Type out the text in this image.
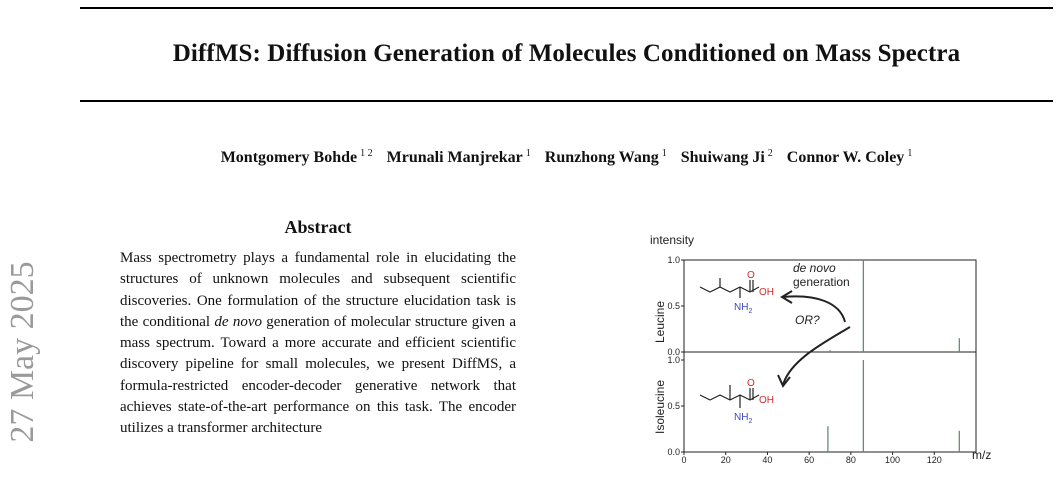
DiffMS: Diffusion Generation of Molecules Conditioned on Mass Spectra
Montgomery Bohde $^{1 2}$ Mrunali Manjrekar $^1$ Runzhong Wang $^1$ Shuiwang Ji $^2$ Connor W. Coley $^1$
27 May 2025
Abstract
Mass spectrometry plays a fundamental role in elucidating the structures of unknown molecules and subsequent scientific discoveries. One formulation of the structure elucidation task is the conditional de novo generation of molecular structure given a mass spectrum. Toward a more accurate and efficient scientific discovery pipeline for small molecules, we present DiffMS, a formula-restricted encoder-decoder generative network that achieves state-of-the-art performance on this task. The encoder utilizes a transformer architecture
intensity
m/z
Leucine
Isoleucine
0.0
0.5
1.0
0.0
0.5
1.0
0	20	40	60	80	100	120
O
OH
$NH_2$
O
OH
$NH_2$
de novo
generation
OR?
